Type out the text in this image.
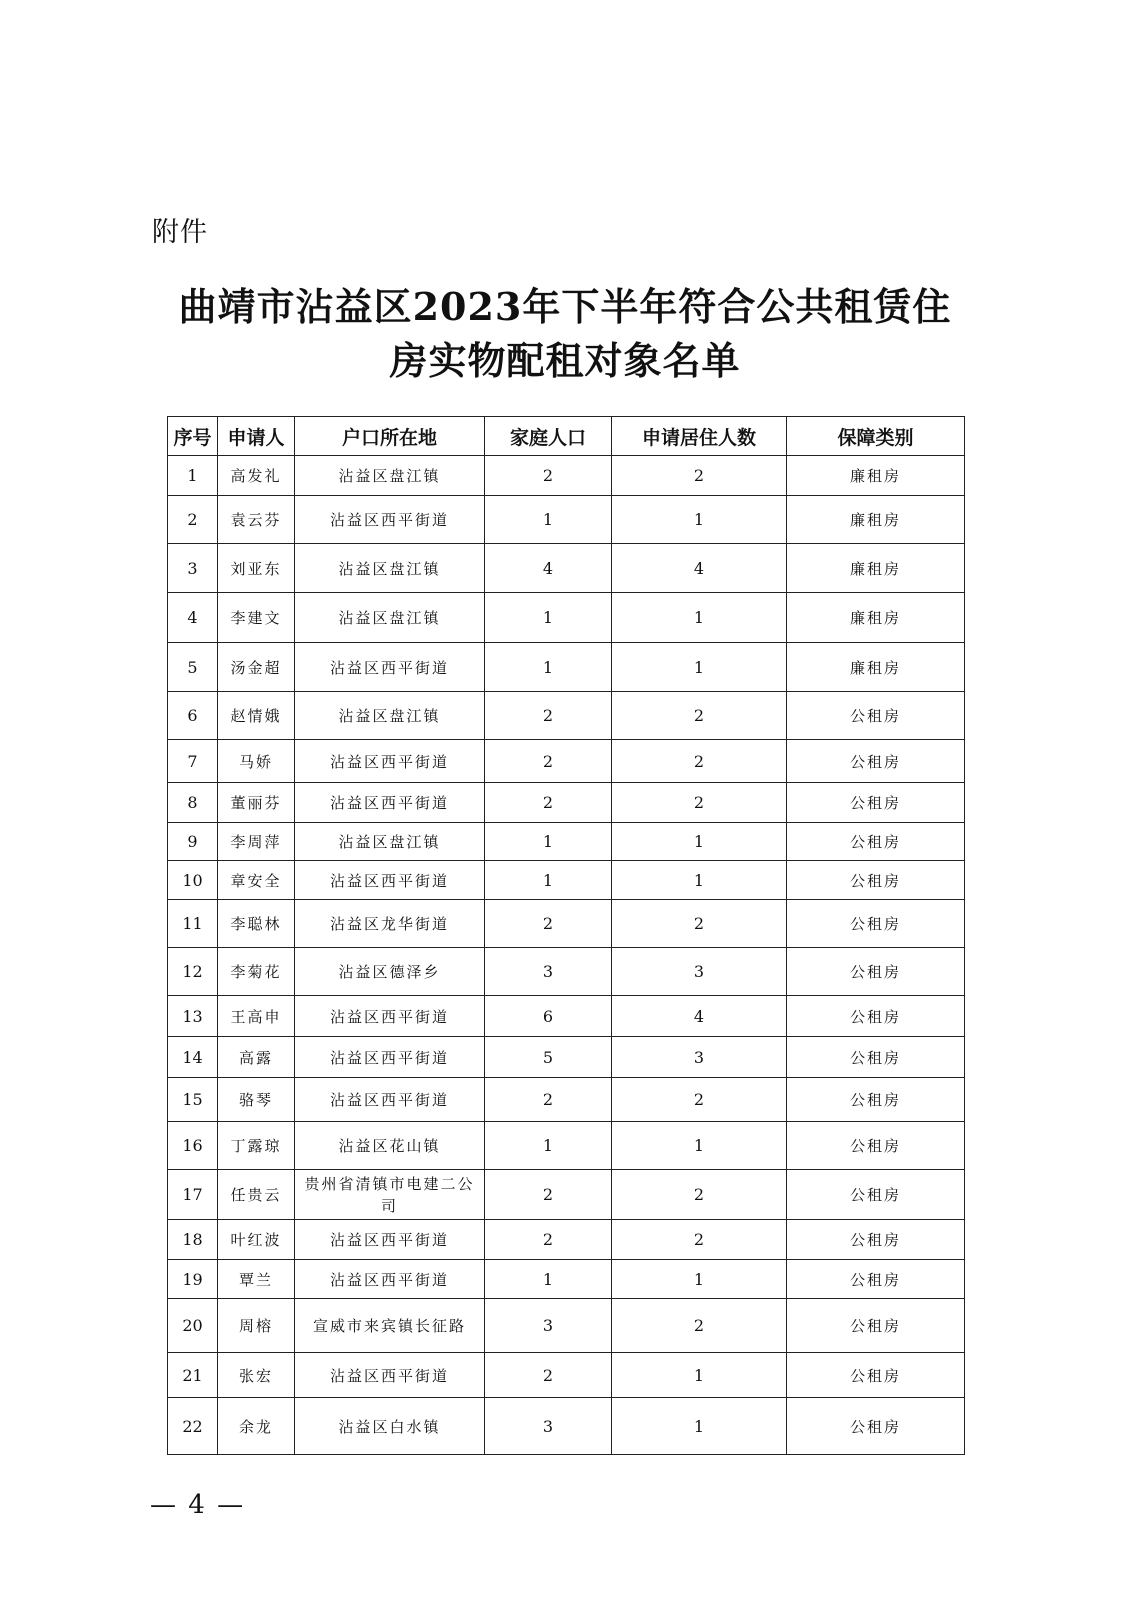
附件
曲靖市沾益区2023年下半年符合公共租赁住
房实物配租对象名单
序号	申请人	户口所在地	家庭人口	申请居住人数	保障类别
1	高发礼	沾益区盘江镇	2	2	廉租房
2	袁云芬	沾益区西平街道	1	1	廉租房
3	刘亚东	沾益区盘江镇	4	4	廉租房
4	李建文	沾益区盘江镇	1	1	廉租房
5	汤金超	沾益区西平街道	1	1	廉租房
6	赵情娥	沾益区盘江镇	2	2	公租房
7	马娇	沾益区西平街道	2	2	公租房
8	董丽芬	沾益区西平街道	2	2	公租房
9	李周萍	沾益区盘江镇	1	1	公租房
10	章安全	沾益区西平街道	1	1	公租房
11	李聪林	沾益区龙华街道	2	2	公租房
12	李菊花	沾益区德泽乡	3	3	公租房
13	王高申	沾益区西平街道	6	4	公租房
14	高露	沾益区西平街道	5	3	公租房
15	骆琴	沾益区西平街道	2	2	公租房
16	丁露琼	沾益区花山镇	1	1	公租房
17	任贵云	贵州省清镇市电建二公司	2	2	公租房
18	叶红波	沾益区西平街道	2	2	公租房
19	覃兰	沾益区西平街道	1	1	公租房
20	周榕	宣威市来宾镇长征路	3	2	公租房
21	张宏	沾益区西平街道	2	1	公租房
22	余龙	沾益区白水镇	3	1	公租房
— 4 —
